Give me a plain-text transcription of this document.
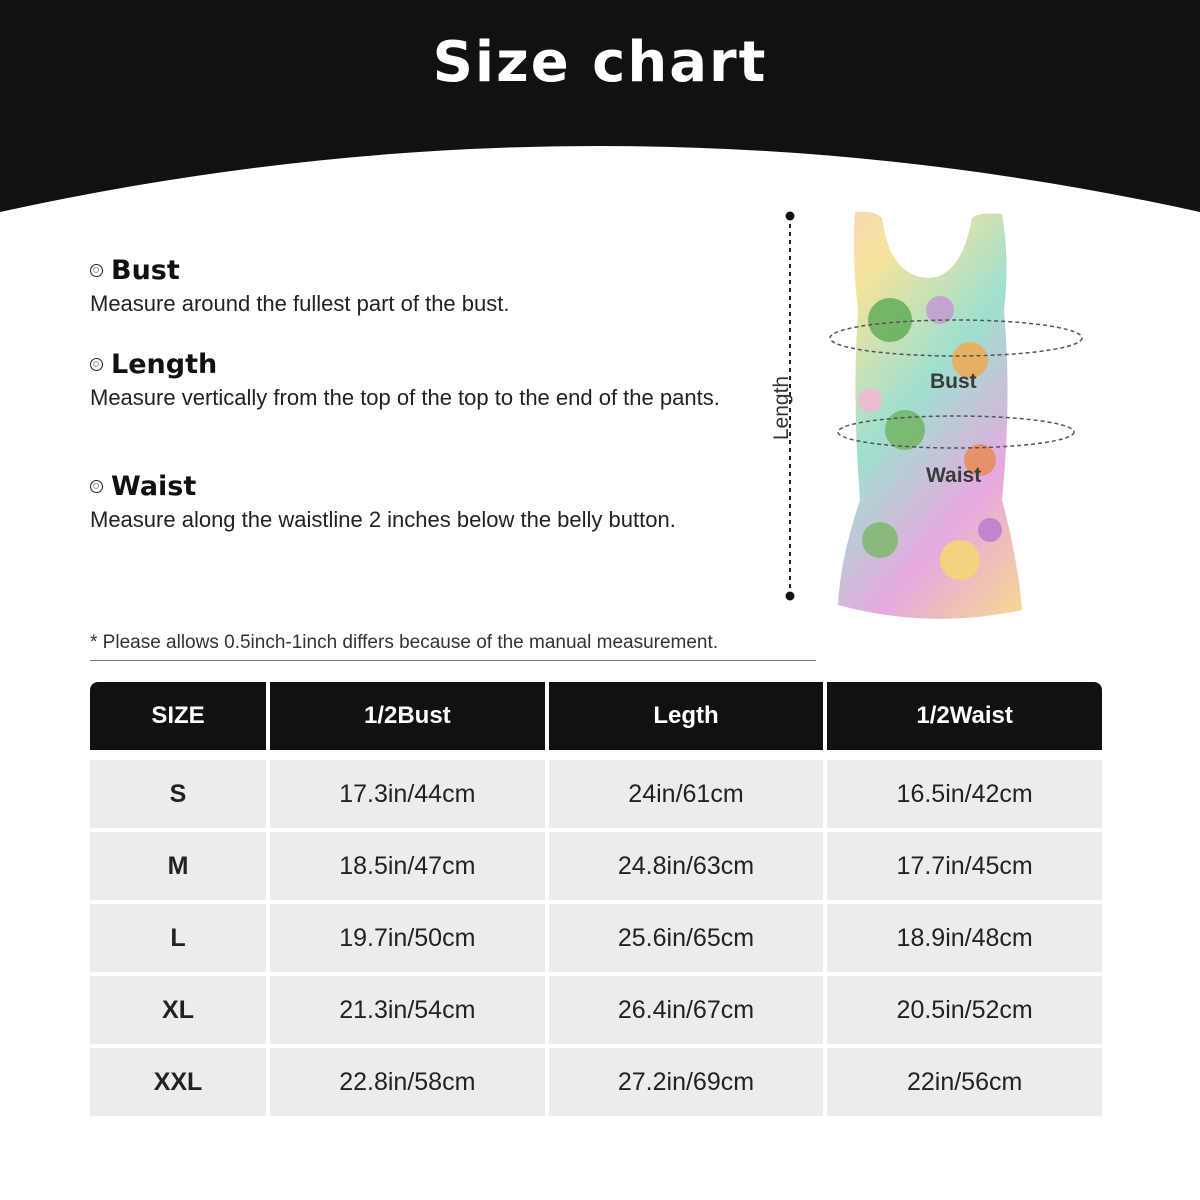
Size chart
Bust
Measure around the fullest part of the bust.
Length
Measure vertically from the top of the top to the end of the pants.
Waist
Measure along the waistline 2 inches below the belly button.
Bust
Waist
Length
* Please allows 0.5inch-1inch differs because of the manual measurement.
SIZE	1/2Bust	Legth	1/2Waist

S	17.3in/44cm	24in/61cm	16.5in/42cm
M	18.5in/47cm	24.8in/63cm	17.7in/45cm
L	19.7in/50cm	25.6in/65cm	18.9in/48cm
XL	21.3in/54cm	26.4in/67cm	20.5in/52cm
XXL	22.8in/58cm	27.2in/69cm	22in/56cm
